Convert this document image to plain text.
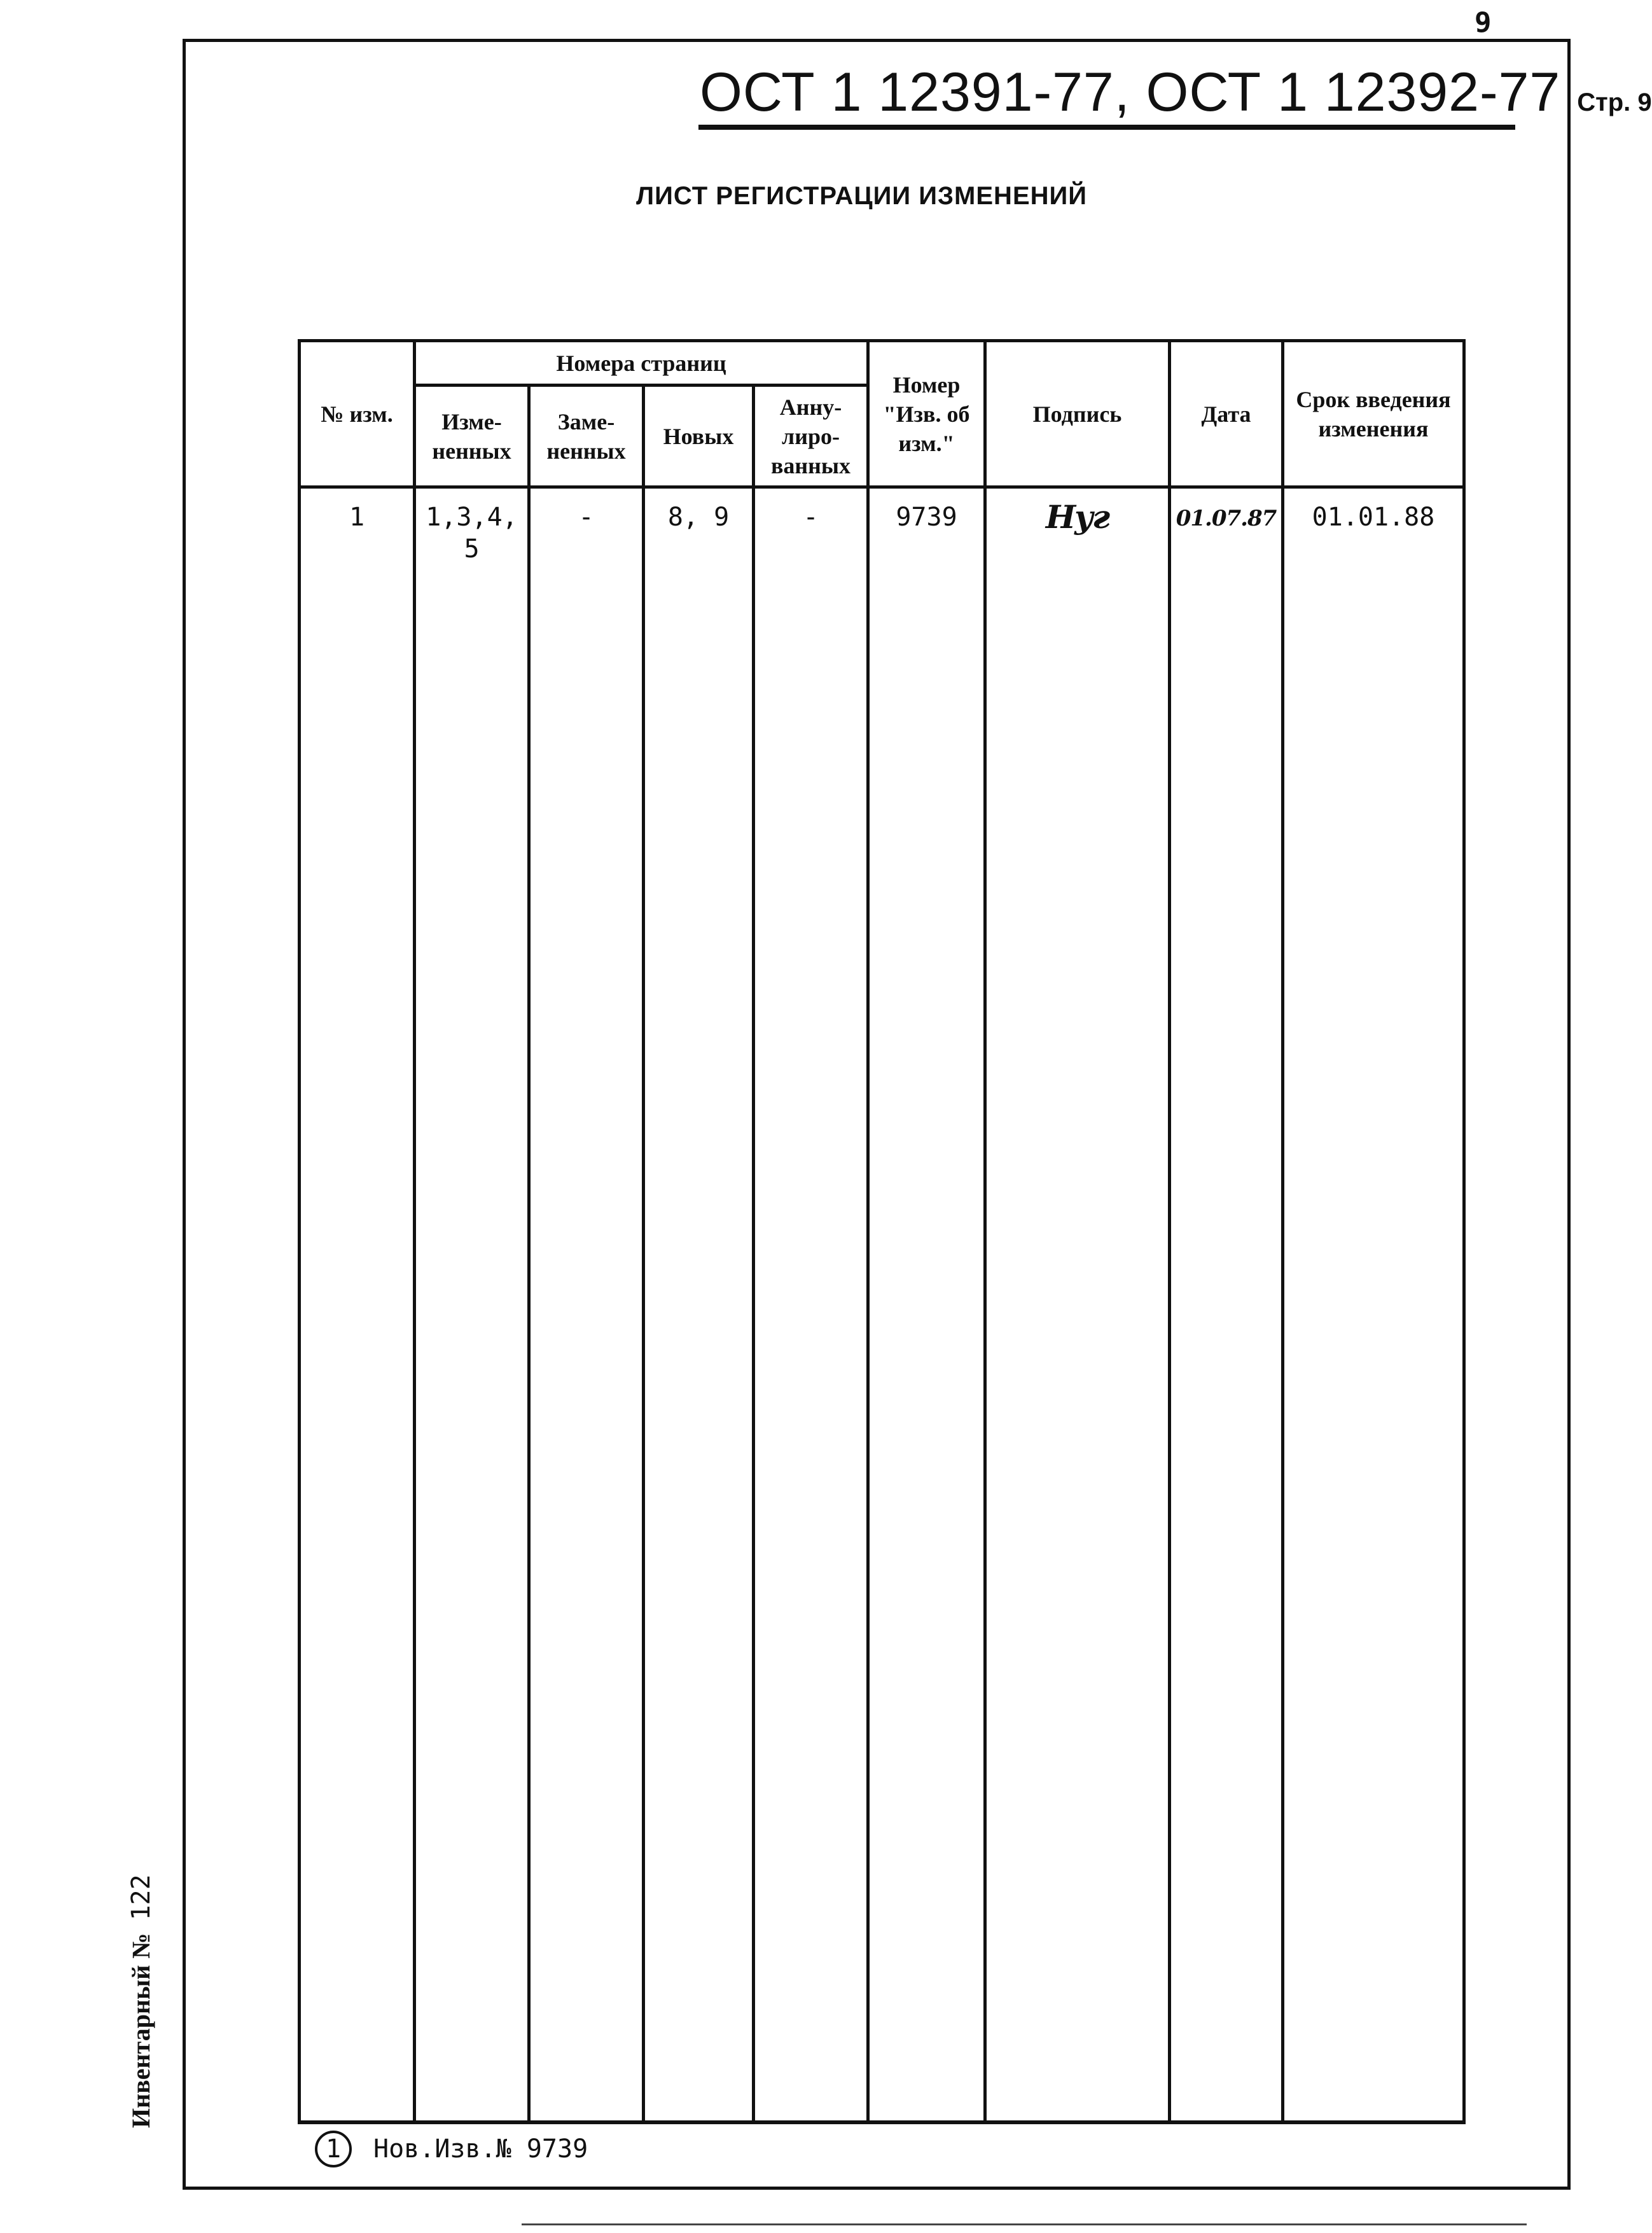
9
ОСТ 1 12391-77, ОСТ 1 12392-77 Стр. 9
ЛИСТ РЕГИСТРАЦИИ ИЗМЕНЕНИЙ
№ изм.	Номера страниц				Номер "Изв. об изм."	Подпись	Дата	Срок введения изменения
	Изме- ненных	Заме- ненных	Новых	Анну- лиро- ванных				
1	1,3,4, 5	-	8, 9	-	9739	Нуг	01.07.87	01.01.88
1	Нов.Изв.№ 9739
Инвентарный № 122
